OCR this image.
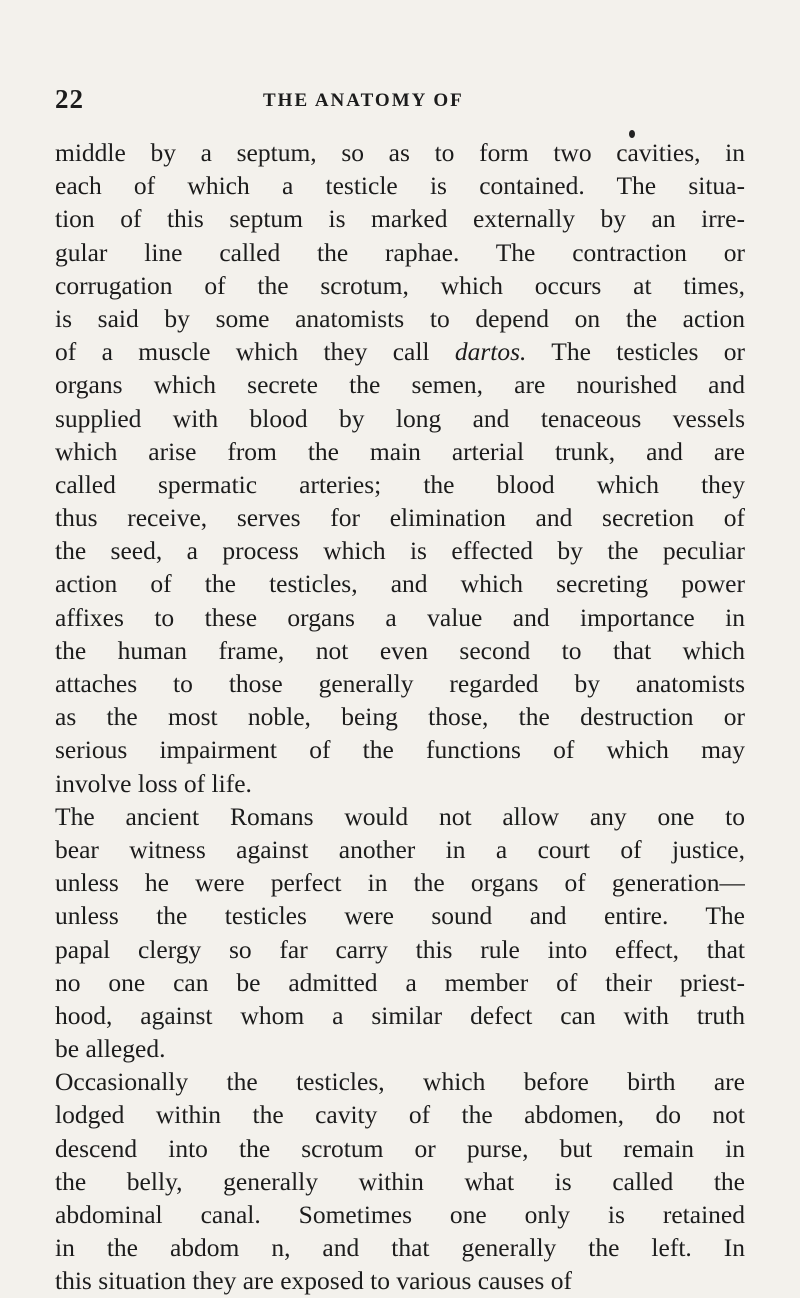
22	THE ANATOMY OF
middle by a septum, so as to form two cavities, in
each of which a testicle is contained. The situa-
tion of this septum is marked externally by an irre-
gular line called the raphae. The contraction or
corrugation of the scrotum, which occurs at times,
is said by some anatomists to depend on the action
of a muscle which they call dartos. The testicles or
organs which secrete the semen, are nourished and
supplied with blood by long and tenaceous vessels
which arise from the main arterial trunk, and are
called spermatic arteries; the blood which they
thus receive, serves for elimination and secretion of
the seed, a process which is effected by the peculiar
action of the testicles, and which secreting power
affixes to these organs a value and importance in
the human frame, not even second to that which
attaches to those generally regarded by anatomists
as the most noble, being those, the destruction or
serious impairment of the functions of which may
involve loss of life.
The ancient Romans would not allow any one to
bear witness against another in a court of justice,
unless he were perfect in the organs of generation—
unless the testicles were sound and entire. The
papal clergy so far carry this rule into effect, that
no one can be admitted a member of their priest-
hood, against whom a similar defect can with truth
be alleged.
Occasionally the testicles, which before birth are
lodged within the cavity of the abdomen, do not
descend into the scrotum or purse, but remain in
the belly, generally within what is called the
abdominal canal. Sometimes one only is retained
in the abdom n, and that generally the left. In
this situation they are exposed to various causes of
